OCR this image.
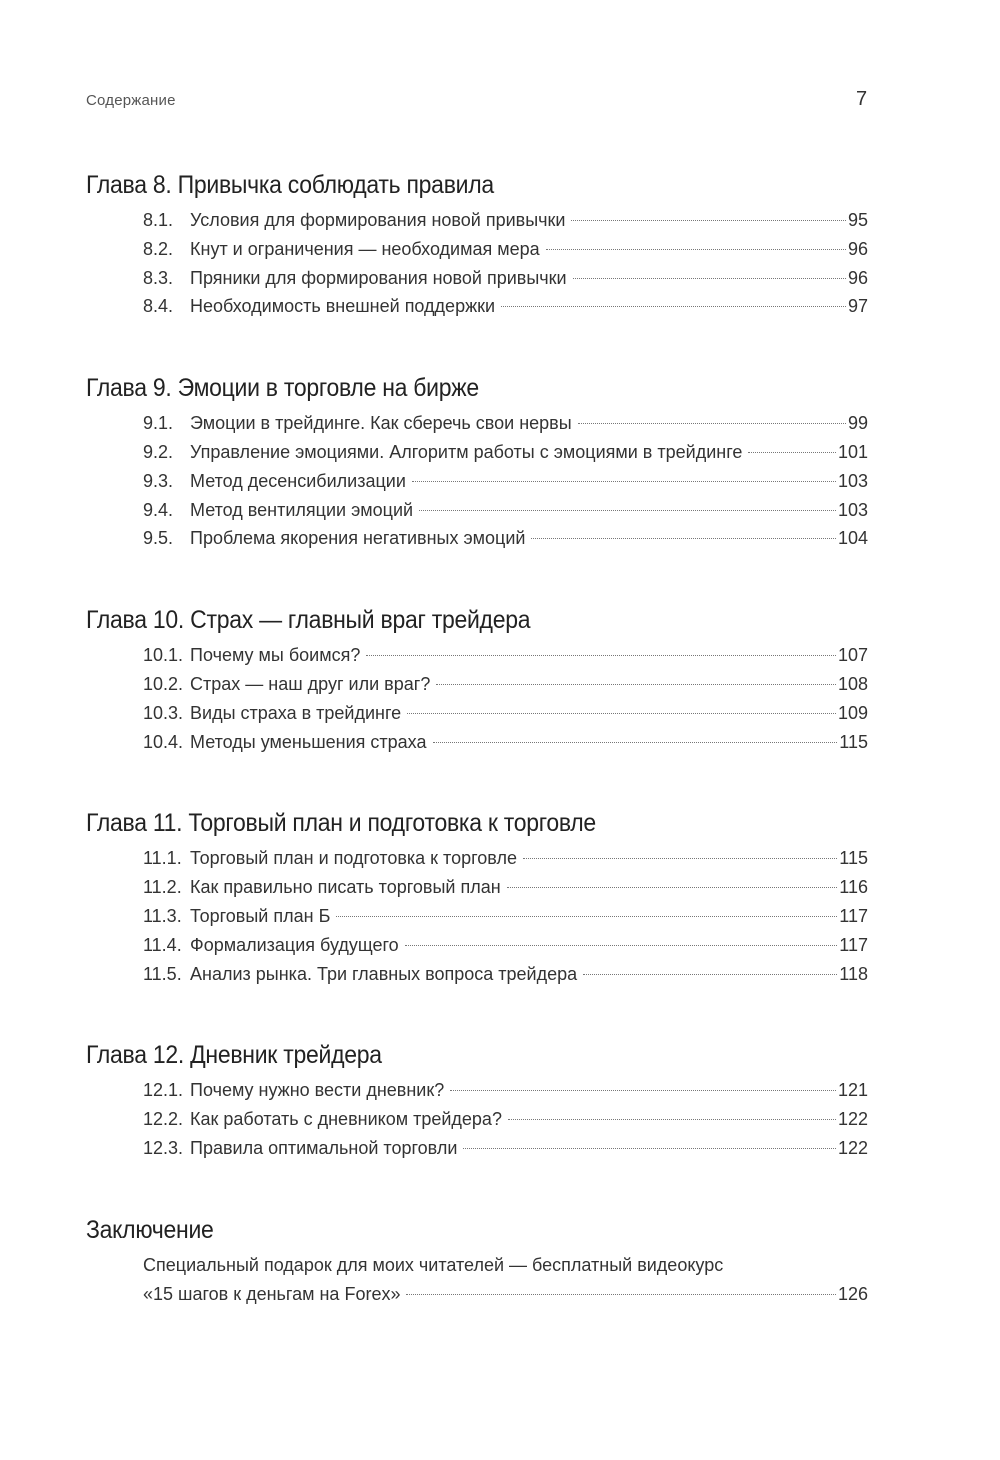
Содержание	7
Глава 8. Привычка соблюдать правила
8.1. Условия для формирования новой привычки	95
8.2. Кнут и ограничения — необходимая мера	96
8.3. Пряники для формирования новой привычки	96
8.4. Необходимость внешней поддержки	97
Глава 9. Эмоции в торговле на бирже
9.1. Эмоции в трейдинге. Как сберечь свои нервы	99
9.2. Управление эмоциями. Алгоритм работы с эмоциями в трейдинге	101
9.3. Метод десенсибилизации	103
9.4. Метод вентиляции эмоций	103
9.5. Проблема якорения негативных эмоций	104
Глава 10. Страх — главный враг трейдера
10.1. Почему мы боимся?	107
10.2. Страх — наш друг или враг?	108
10.3. Виды страха в трейдинге	109
10.4. Методы уменьшения страха	115
Глава 11. Торговый план и подготовка к торговле
11.1. Торговый план и подготовка к торговле	115
11.2. Как правильно писать торговый план	116
11.3. Торговый план Б	117
11.4. Формализация будущего	117
11.5. Анализ рынка. Три главных вопроса трейдера	118
Глава 12. Дневник трейдера
12.1. Почему нужно вести дневник?	121
12.2. Как работать с дневником трейдера?	122
12.3. Правила оптимальной торговли	122
Заключение
Специальный подарок для моих читателей — бесплатный видеокурс
«15 шагов к деньгам на Forex»	126
